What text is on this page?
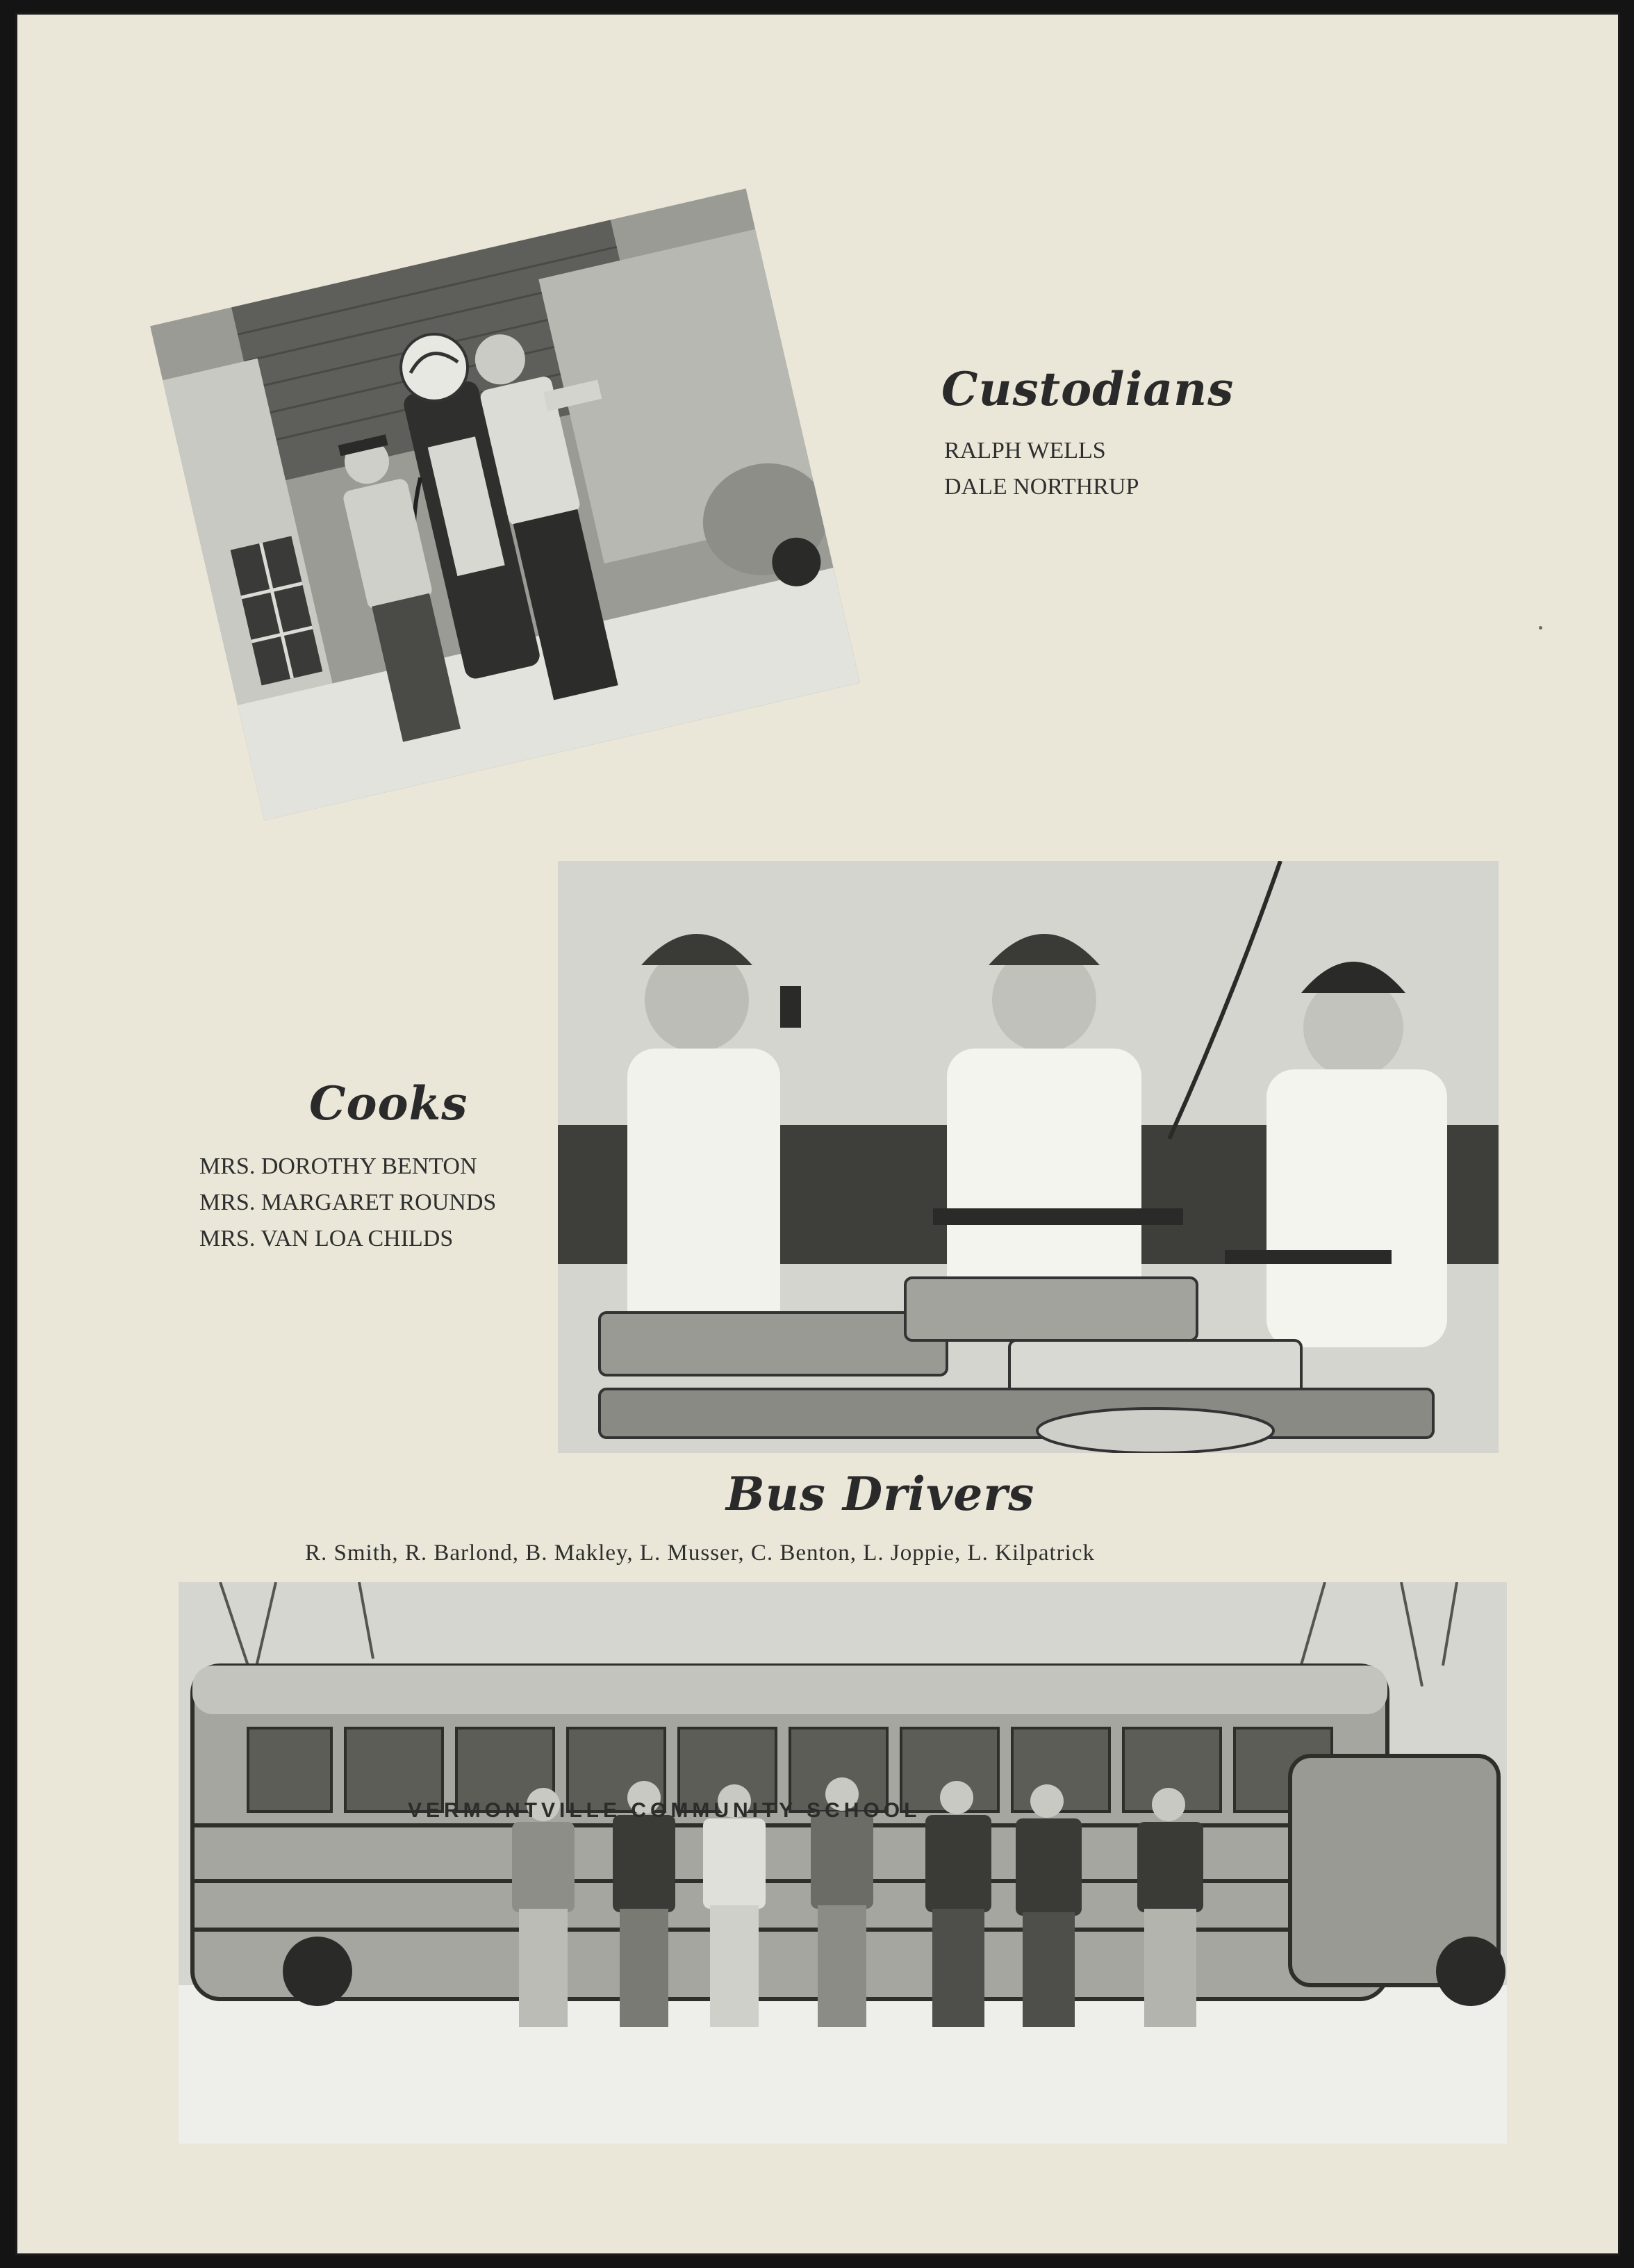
Custodians
RALPH WELLS
DALE NORTHRUP
Cooks
MRS. DOROTHY BENTON
MRS. MARGARET ROUNDS
MRS. VAN LOA CHILDS
Bus Drivers
R. Smith, R. Barlond, B. Makley, L. Musser, C. Benton, L. Joppie, L. Kilpatrick
VERMONTVILLE COMMUNITY SCHOOL
